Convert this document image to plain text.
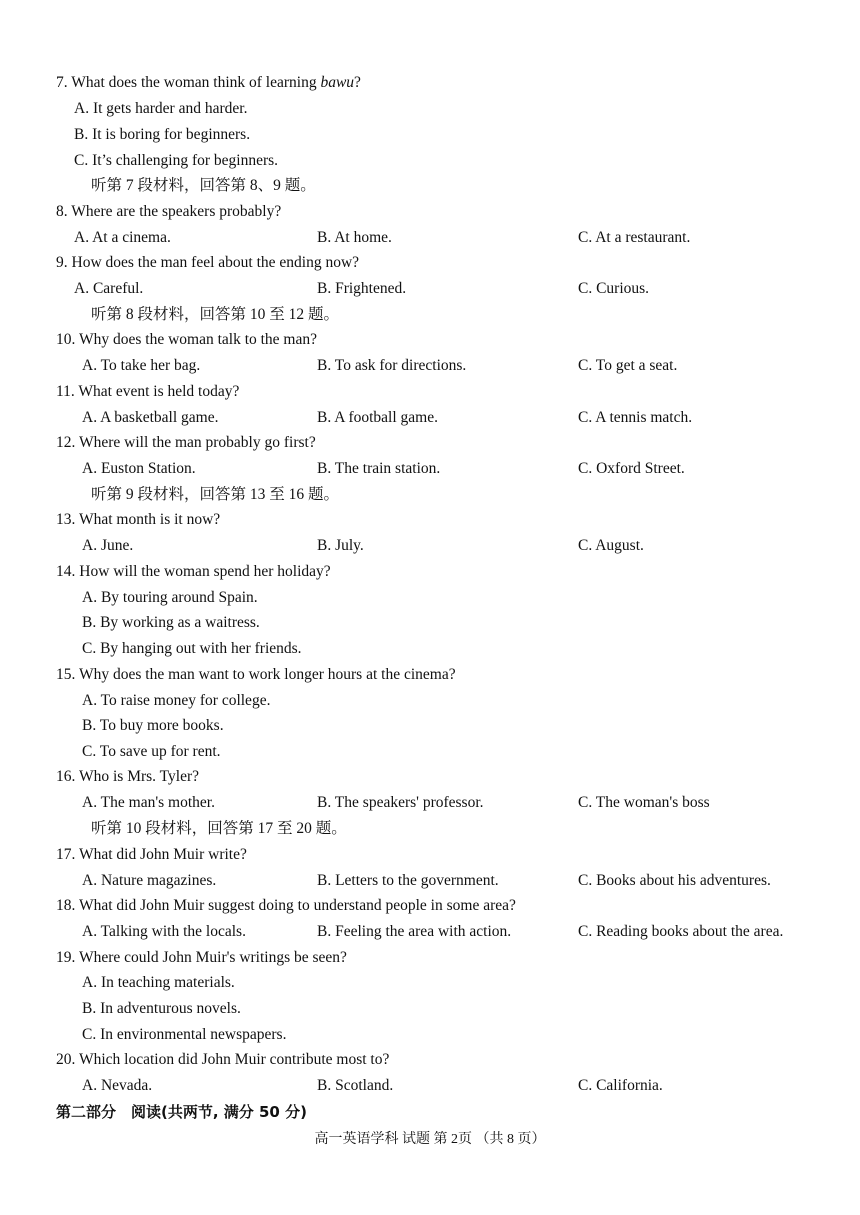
7. What does the woman think of learning bawu?
A. It gets harder and harder.
B. It is boring for beginners.
C. It’s challenging for beginners.
听第 7 段材料，回答第 8、9 题。
8. Where are the speakers probably?
A. At a cinema.	B. At home.	C. At a restaurant.
9. How does the man feel about the ending now?
A. Careful.	B. Frightened.	C. Curious.
听第 8 段材料，回答第 10 至 12 题。
10. Why does the woman talk to the man?
A. To take her bag.	B. To ask for directions.	C. To get a seat.
11. What event is held today?
A. A basketball game.	B. A football game.	C. A tennis match.
12. Where will the man probably go first?
A. Euston Station.	B. The train station.	C. Oxford Street.
听第 9 段材料，回答第 13 至 16 题。
13. What month is it now?
A. June.	B. July.	C. August.
14. How will the woman spend her holiday?
A. By touring around Spain.
B. By working as a waitress.
C. By hanging out with her friends.
15. Why does the man want to work longer hours at the cinema?
A. To raise money for college.
B. To buy more books.
C. To save up for rent.
16. Who is Mrs. Tyler?
A. The man's mother.	B. The speakers' professor.	C. The woman's boss
听第 10 段材料，回答第 17 至 20 题。
17. What did John Muir write?
A. Nature magazines.	B. Letters to the government.	C. Books about his adventures.
18. What did John Muir suggest doing to understand people in some area?
A. Talking with the locals.	B. Feeling the area with action.	C. Reading books about the area.
19. Where could John Muir's writings be seen?
A. In teaching materials.
B. In adventurous novels.
C. In environmental newspapers.
20. Which location did John Muir contribute most to?
A. Nevada.	B. Scotland.	C. California.
第二部分　阅读(共两节, 满分 50 分)
高一英语学科 试题 第 2页 （共 8 页）
